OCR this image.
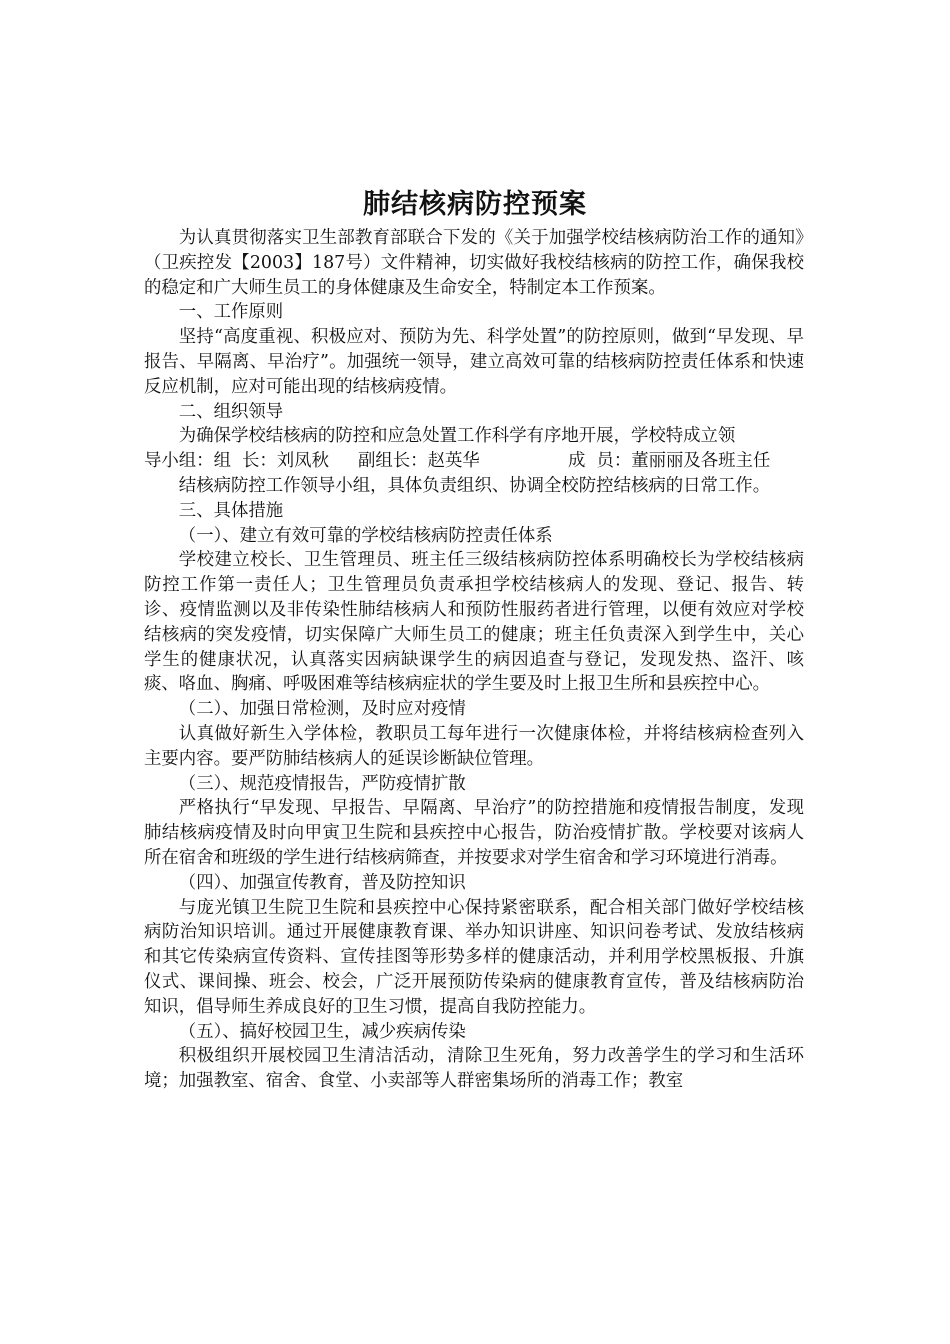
肺结核病防控预案

为认真贯彻落实卫生部教育部联合下发的《关于加强学校结核病防治工作的通知》（卫疾控发【2003】187号）文件精神，切实做好我校结核病的防控工作，确保我校的稳定和广大师生员工的身体健康及生命安全，特制定本工作预案。

一、工作原则

坚持“高度重视、积极应对、预防为先、科学处置”的防控原则，做到“早发现、早报告、早隔离、早治疗”。加强统一领导，建立高效可靠的结核病防控责任体系和快速反应机制，应对可能出现的结核病疫情。

二、组织领导

为确保学校结核病的防控和应急处置工作科学有序地开展，学校特成立领

导小组：组  长：刘凤秋	副组长：赵英华	成  员：董丽丽及各班主任

结核病防控工作领导小组，具体负责组织、协调全校防控结核病的日常工作。

三、具体措施

（一）、建立有效可靠的学校结核病防控责任体系

学校建立校长、卫生管理员、班主任三级结核病防控体系明确校长为学校结核病防控工作第一责任人；卫生管理员负责承担学校结核病人的发现、登记、报告、转诊、疫情监测以及非传染性肺结核病人和预防性服药者进行管理，以便有效应对学校结核病的突发疫情，切实保障广大师生员工的健康；班主任负责深入到学生中，关心学生的健康状况，认真落实因病缺课学生的病因追查与登记，发现发热、盗汗、咳痰、咯血、胸痛、呼吸困难等结核病症状的学生要及时上报卫生所和县疾控中心。

（二）、加强日常检测，及时应对疫情

认真做好新生入学体检，教职员工每年进行一次健康体检，并将结核病检查列入主要内容。要严防肺结核病人的延误诊断缺位管理。

（三）、规范疫情报告，严防疫情扩散

严格执行“早发现、早报告、早隔离、早治疗”的防控措施和疫情报告制度，发现肺结核病疫情及时向甲寅卫生院和县疾控中心报告，防治疫情扩散。学校要对该病人所在宿舍和班级的学生进行结核病筛查，并按要求对学生宿舍和学习环境进行消毒。

（四）、加强宣传教育，普及防控知识

与庞光镇卫生院卫生院和县疾控中心保持紧密联系，配合相关部门做好学校结核病防治知识培训。通过开展健康教育课、举办知识讲座、知识问卷考试、发放结核病和其它传染病宣传资料、宣传挂图等形势多样的健康活动，并利用学校黑板报、升旗仪式、课间操、班会、校会，广泛开展预防传染病的健康教育宣传，普及结核病防治知识，倡导师生养成良好的卫生习惯，提高自我防控能力。

（五）、搞好校园卫生，减少疾病传染

积极组织开展校园卫生清洁活动，清除卫生死角，努力改善学生的学习和生活环境；加强教室、宿舍、食堂、小卖部等人群密集场所的消毒工作；教室
